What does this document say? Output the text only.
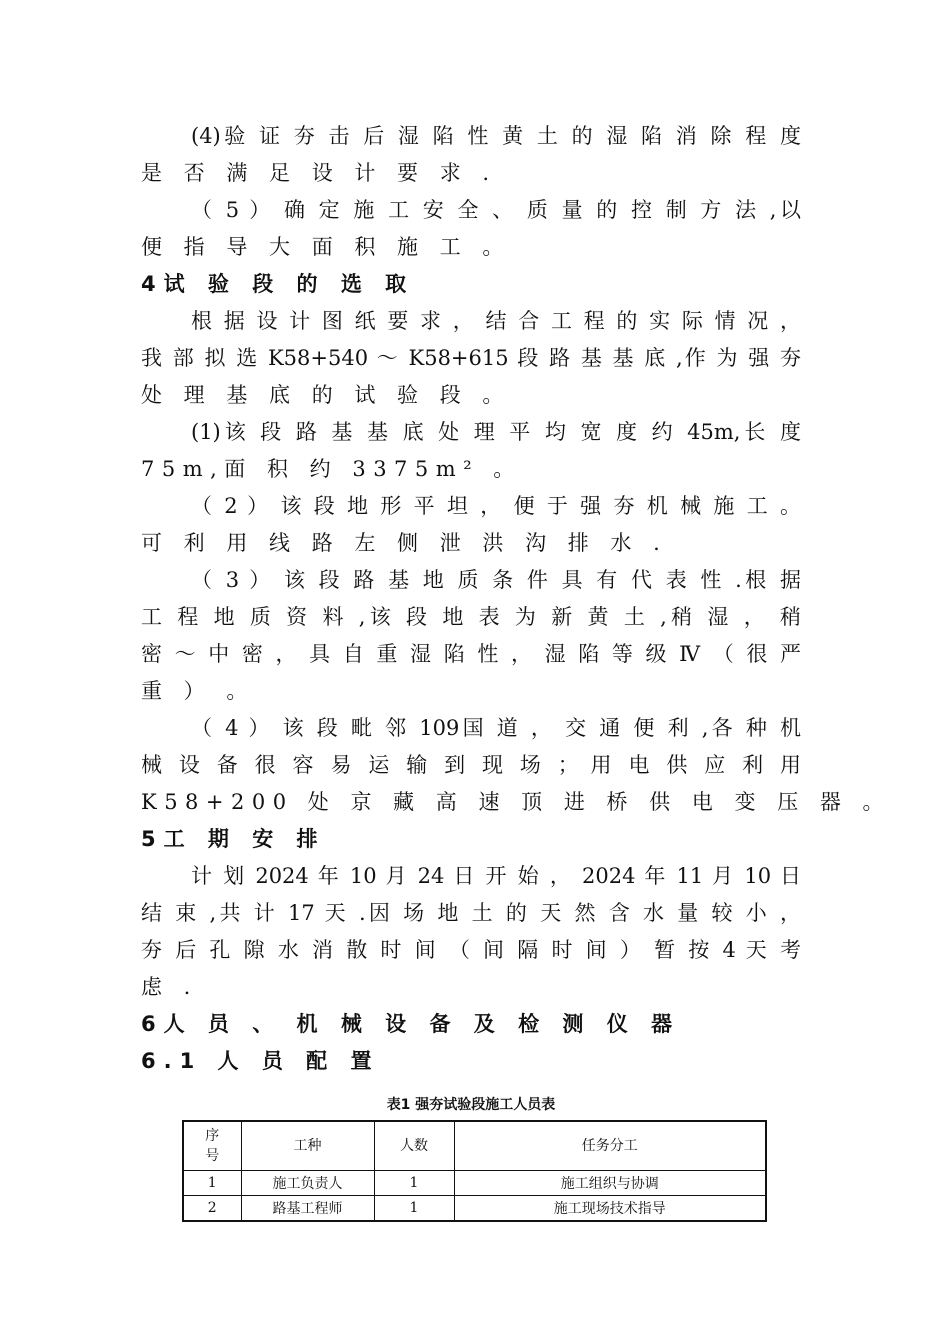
(4)验 证 夯 击 后 湿 陷 性 黄 土 的 湿 陷 消 除 程 度
是 否 满 足 设 计 要 求 .
（ 5 ） 确 定 施 工 安 全 、 质 量 的 控 制 方 法 ,以
便 指 导 大 面 积 施 工 。
4试 验 段 的 选 取
根 据 设 计 图 纸 要 求 ， 结 合 工 程 的 实 际 情 况 ，
我 部 拟 选 K58+540 ～ K58+615 段 路 基 基 底 ,作 为 强 夯
处 理 基 底 的 试 验 段 。
(1)该 段 路 基 基 底 处 理 平 均 宽 度 约 45m,长 度
75m,面 积 约 3375m² 。
（ 2 ） 该 段 地 形 平 坦 ， 便 于 强 夯 机 械 施 工 。
可 利 用 线 路 左 侧 泄 洪 沟 排 水 .
（ 3 ） 该 段 路 基 地 质 条 件 具 有 代 表 性 .根 据
工 程 地 质 资 料 ,该 段 地 表 为 新 黄 土 ,稍 湿 ， 稍
密 ～ 中 密 ， 具 自 重 湿 陷 性 ， 湿 陷 等 级 Ⅳ （ 很 严
重 ） 。
（ 4 ） 该 段 毗 邻 109国 道 ， 交 通 便 利 ,各 种 机
械 设 备 很 容 易 运 输 到 现 场 ； 用 电 供 应 利 用
K58+200 处 京 藏 高 速 顶 进 桥 供 电 变 压 器 。
5工 期 安 排
计 划 2024 年 10 月 24 日 开 始 ， 2024 年 11 月 10 日
结 束 ,共 计 17 天 .因 场 地 土 的 天 然 含 水 量 较 小 ，
夯 后 孔 隙 水 消 散 时 间 （ 间 隔 时 间 ） 暂 按 4 天 考
虑 .
6人 员 、 机 械 设 备 及 检 测 仪 器
6.1 人 员 配 置
表1 强夯试验段施工人员表
序号	工种	人数	任务分工
1	施工负责人	1	施工组织与协调
2	路基工程师	1	施工现场技术指导
